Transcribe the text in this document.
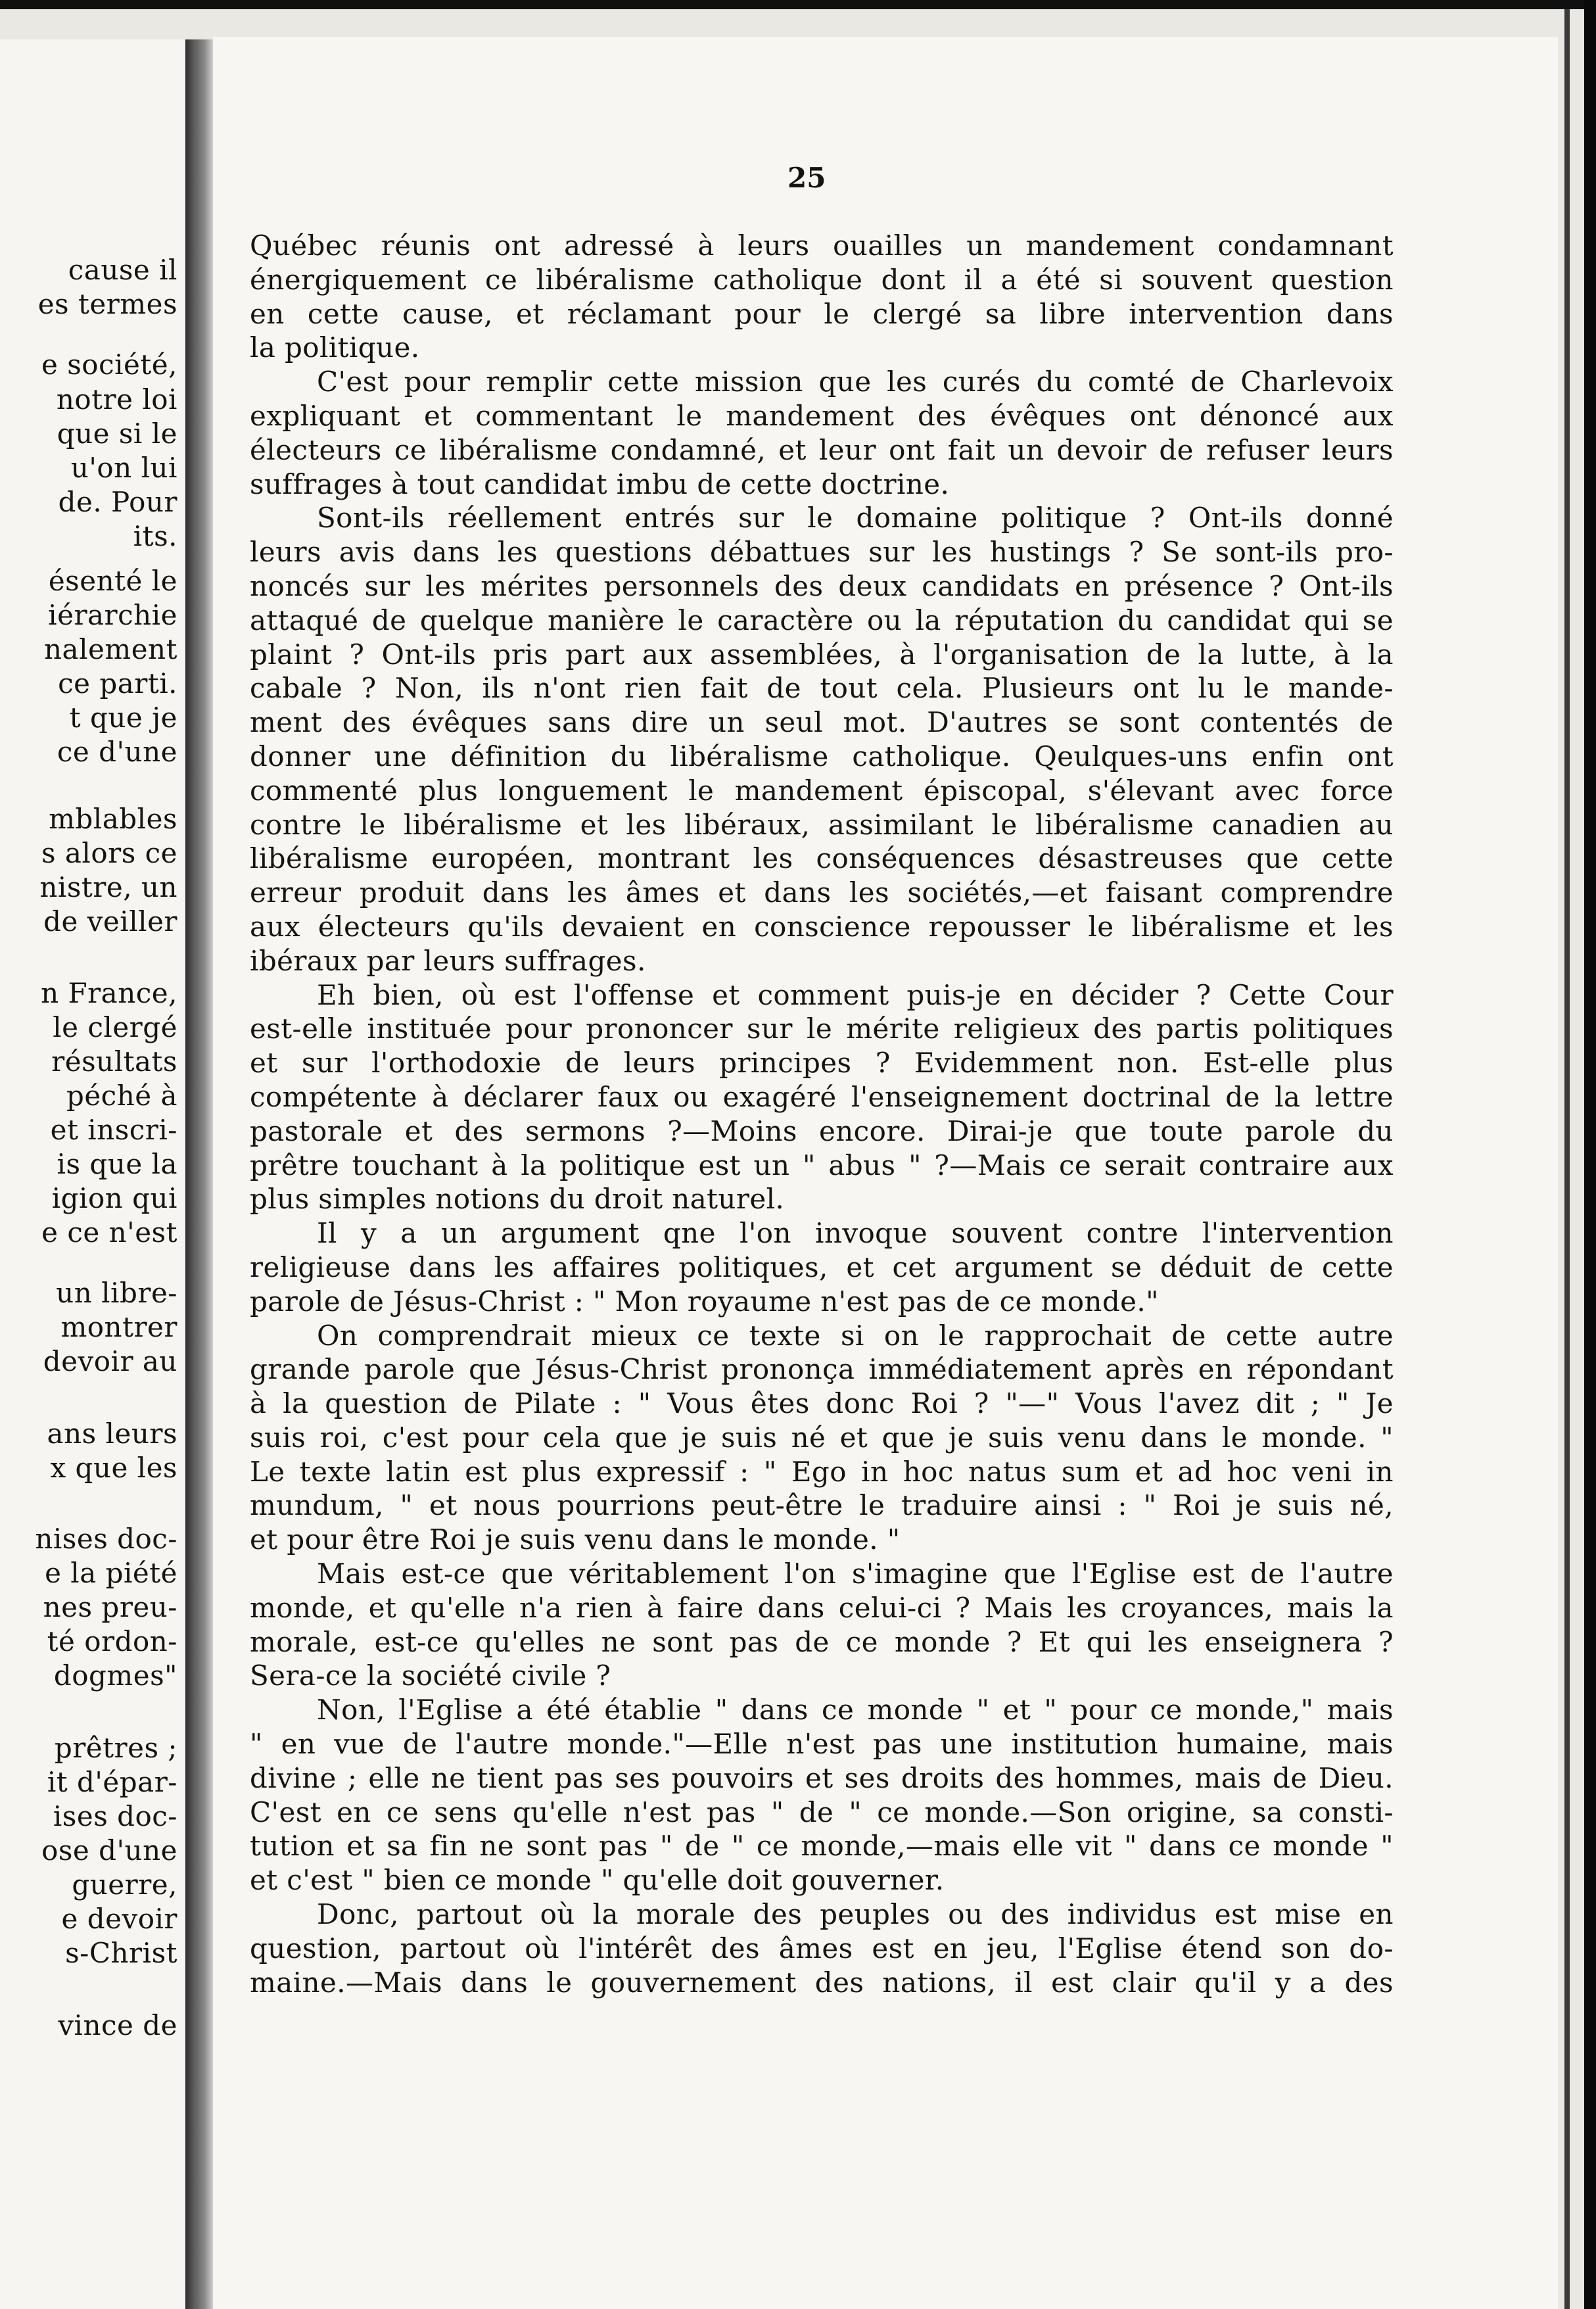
cause il
es termes
e société,
notre loi
que si le
u'on lui
de. Pour
its.
ésenté le
iérarchie
nalement
ce parti.
t que je
ce d'une
mblables
s alors ce
nistre, un
de veiller
n France,
le clergé
résultats
péché à
et inscri-
is que la
igion qui
e ce n'est
un libre-
montrer
devoir au
ans leurs
x que les
nises doc-
e la piété
nes preu-
té ordon-
dogmes"
prêtres ;
it d'épar-
ises doc-
ose d'une
guerre,
e devoir
s-Christ
vince de
25
Québec réunis ont adressé à leurs ouailles un mandement condamnant
énergiquement ce libéralisme catholique dont il a été si souvent question
en cette cause, et réclamant pour le clergé sa libre intervention dans
la politique.
C'est pour remplir cette mission que les curés du comté de Charlevoix
expliquant et commentant le mandement des évêques ont dénoncé aux
électeurs ce libéralisme condamné, et leur ont fait un devoir de refuser leurs
suffrages à tout candidat imbu de cette doctrine.
Sont-ils réellement entrés sur le domaine politique ? Ont-ils donné
leurs avis dans les questions débattues sur les hustings ? Se sont-ils pro-
noncés sur les mérites personnels des deux candidats en présence ? Ont-ils
attaqué de quelque manière le caractère ou la réputation du candidat qui se
plaint ? Ont-ils pris part aux assemblées, à l'organisation de la lutte, à la
cabale ? Non, ils n'ont rien fait de tout cela. Plusieurs ont lu le mande-
ment des évêques sans dire un seul mot. D'autres se sont contentés de
donner une définition du libéralisme catholique. Qeulques-uns enfin ont
commenté plus longuement le mandement épiscopal, s'élevant avec force
contre le libéralisme et les libéraux, assimilant le libéralisme canadien au
libéralisme européen, montrant les conséquences désastreuses que cette
erreur produit dans les âmes et dans les sociétés,—et faisant comprendre
aux électeurs qu'ils devaient en conscience repousser le libéralisme et les
ibéraux par leurs suffrages.
Eh bien, où est l'offense et comment puis-je en décider ? Cette Cour
est-elle instituée pour prononcer sur le mérite religieux des partis politiques
et sur l'orthodoxie de leurs principes ? Evidemment non. Est-elle plus
compétente à déclarer faux ou exagéré l'enseignement doctrinal de la lettre
pastorale et des sermons ?—Moins encore. Dirai-je que toute parole du
prêtre touchant à la politique est un " abus " ?—Mais ce serait contraire aux
plus simples notions du droit naturel.
Il y a un argument qne l'on invoque souvent contre l'intervention
religieuse dans les affaires politiques, et cet argument se déduit de cette
parole de Jésus-Christ : " Mon royaume n'est pas de ce monde."
On comprendrait mieux ce texte si on le rapprochait de cette autre
grande parole que Jésus-Christ prononça immédiatement après en répondant
à la question de Pilate : " Vous êtes donc Roi ? "—" Vous l'avez dit ; " Je
suis roi, c'est pour cela que je suis né et que je suis venu dans le monde. "
Le texte latin est plus expressif : " Ego in hoc natus sum et ad hoc veni in
mundum, " et nous pourrions peut-être le traduire ainsi : " Roi je suis né,
et pour être Roi je suis venu dans le monde. "
Mais est-ce que véritablement l'on s'imagine que l'Eglise est de l'autre
monde, et qu'elle n'a rien à faire dans celui-ci ? Mais les croyances, mais la
morale, est-ce qu'elles ne sont pas de ce monde ? Et qui les enseignera ?
Sera-ce la société civile ?
Non, l'Eglise a été établie " dans ce monde " et " pour ce monde," mais
" en vue de l'autre monde."—Elle n'est pas une institution humaine, mais
divine ; elle ne tient pas ses pouvoirs et ses droits des hommes, mais de Dieu.
C'est en ce sens qu'elle n'est pas " de " ce monde.—Son origine, sa consti-
tution et sa fin ne sont pas " de " ce monde,—mais elle vit " dans ce monde "
et c'est " bien ce monde " qu'elle doit gouverner.
Donc, partout où la morale des peuples ou des individus est mise en
question, partout où l'intérêt des âmes est en jeu, l'Eglise étend son do-
maine.—Mais dans le gouvernement des nations, il est clair qu'il y a des
